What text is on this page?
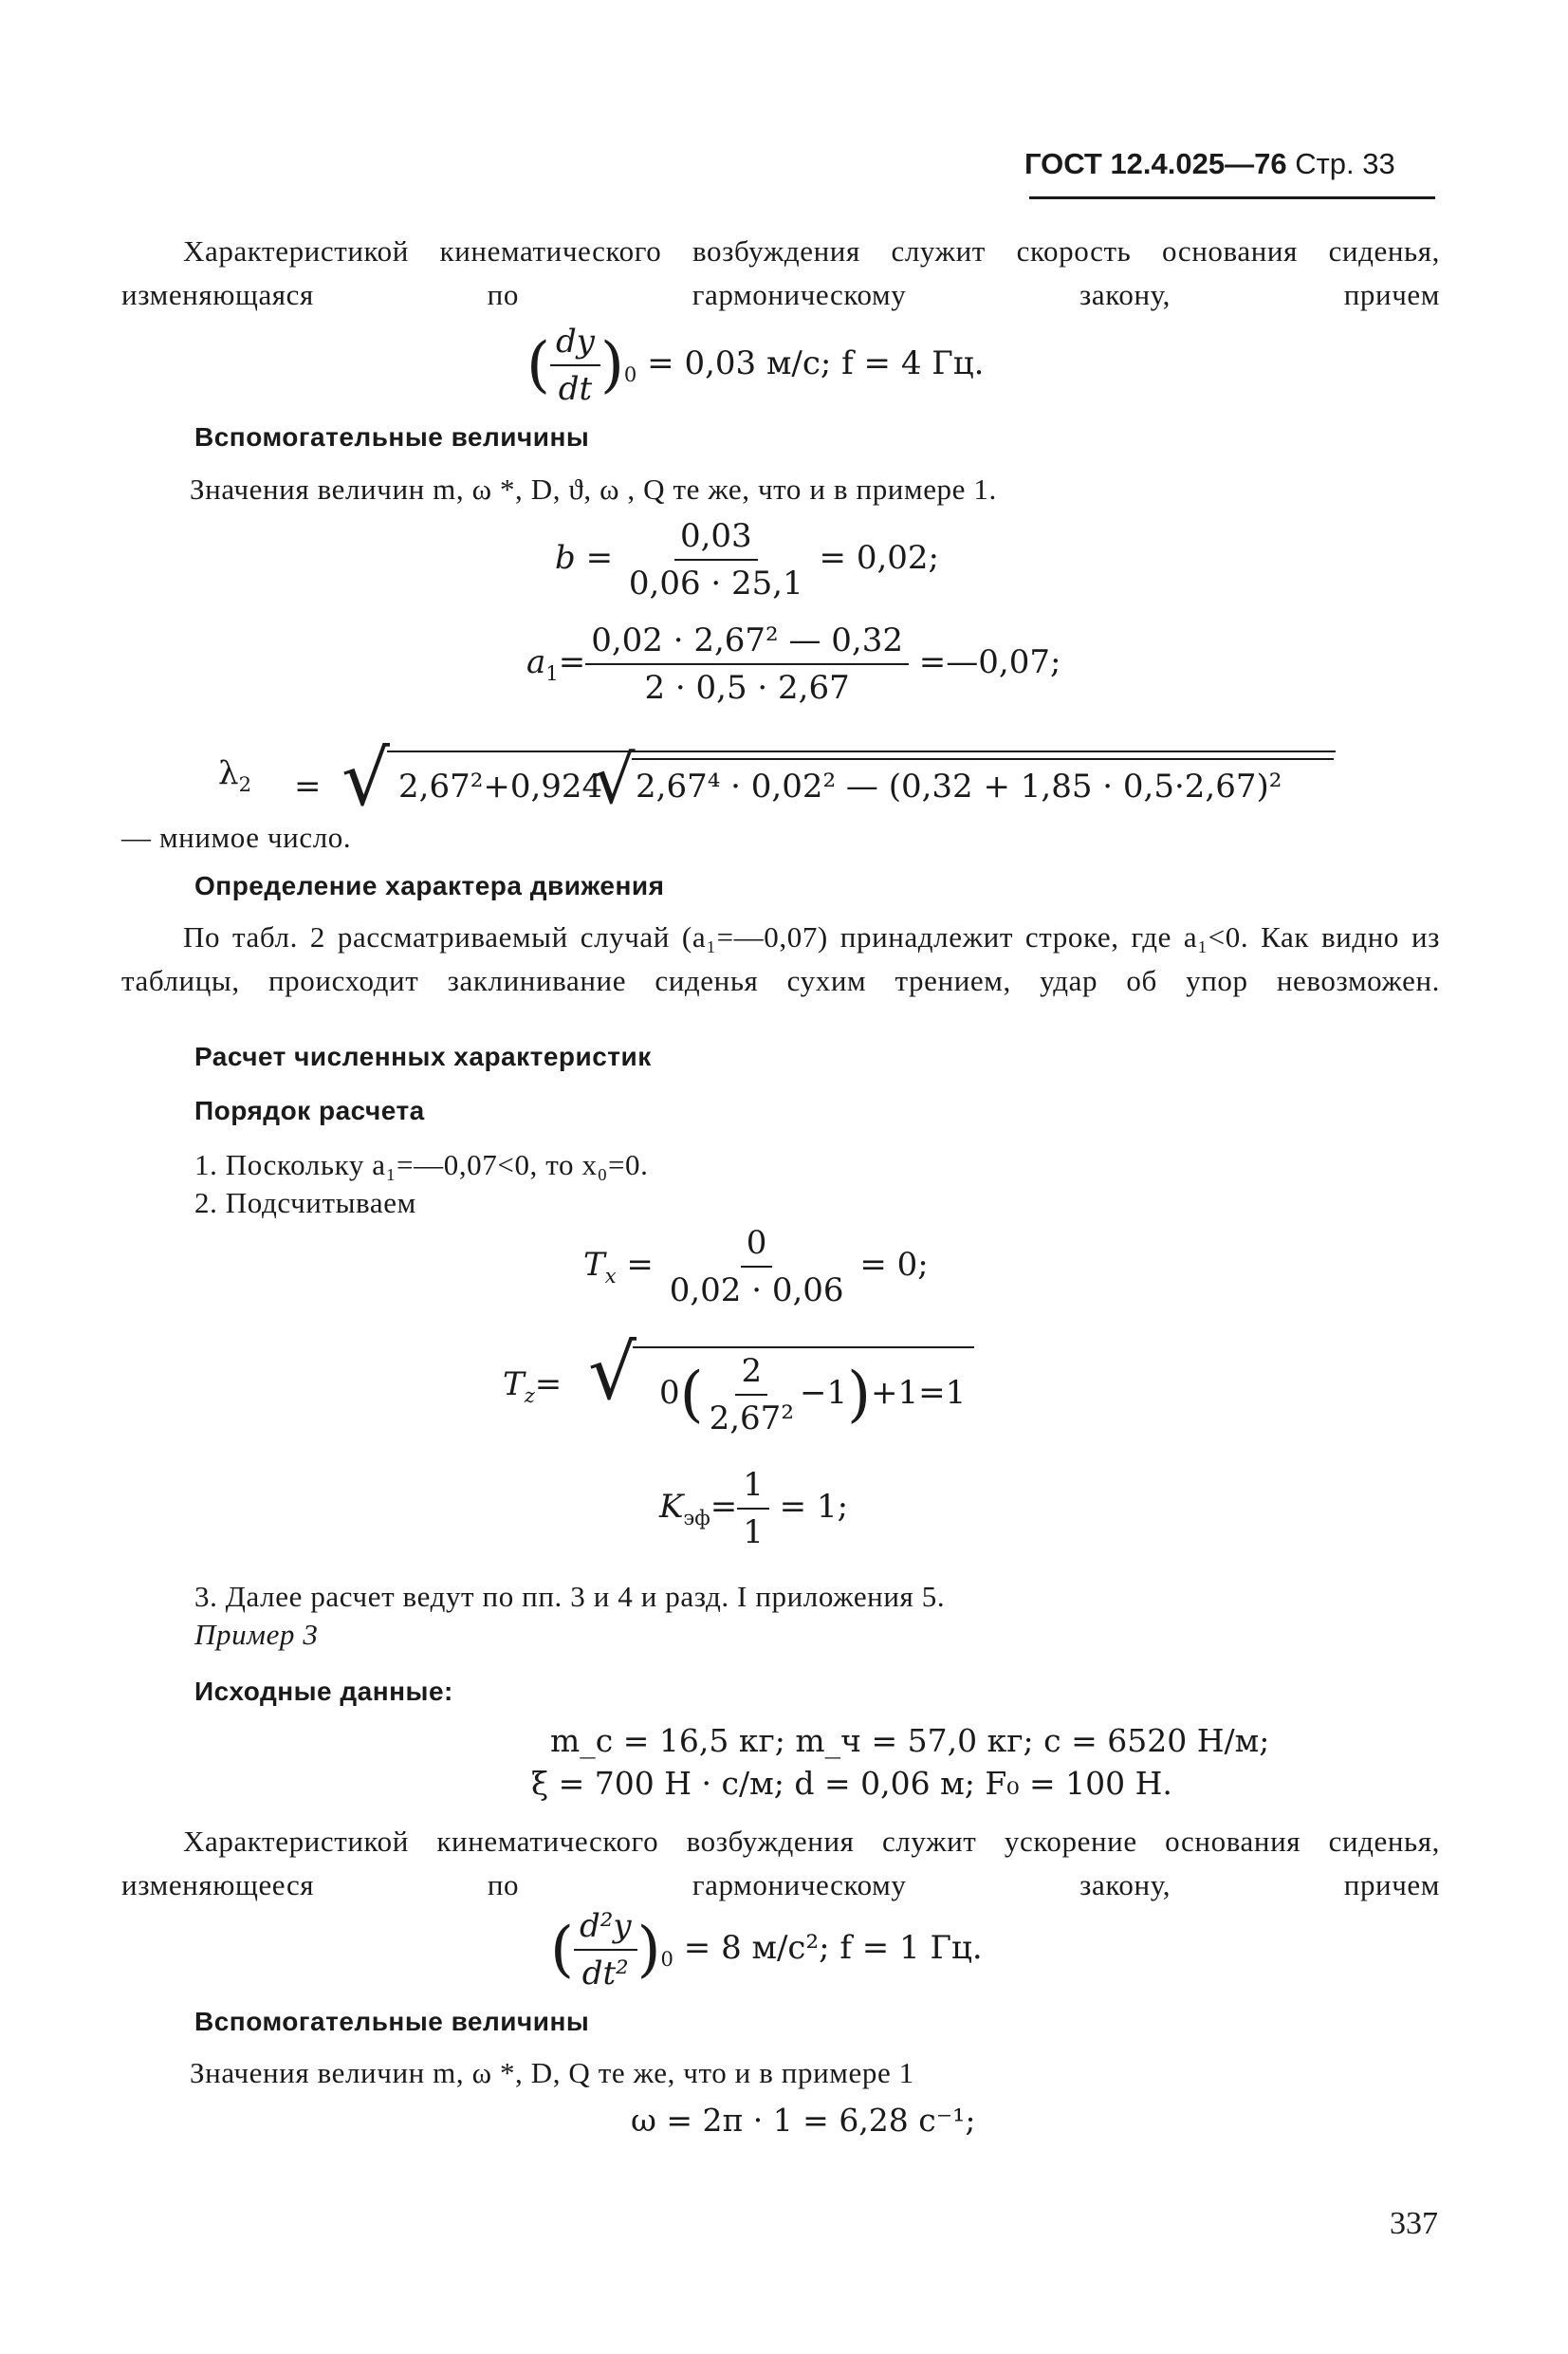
ГОСТ 12.4.025—76 Стр. 33
Характеристикой кинематического возбуждения служит скорость основания сиденья, изменяющаяся по гармоническому закону, причем
( $\frac{dy}{dt} )_0 = 0,03$ м/с; f = 4 Гц.
Вспомогательные величины
Значения величин m, ω *, D, ϑ, ω , Q те же, что и в примере 1.
$b = \frac{0,03}{0,06 \cdot 25,1} = 0,02$;
$a_1= \frac{\text{0,02 · 2,67² — 0,32}}{2 \cdot 0,5 \cdot 2,67}$ =—0,07;
$\lambda_2$ = √ 2,67²+0,924
√ 2,67⁴ · 0,02² — (0,32 + 1,85 · 0,5·2,67)²
— мнимое число.
Определение характера движения
По табл. 2 рассматриваемый случай (a₁=—0,07) принадлежит строке, где a₁<0. Как видно из таблицы, происходит заклинивание сиденья сухим трением, удар об упор невозможен.
Расчет численных характеристик
Порядок расчета
1. Поскольку a₁=—0,07<0, то x₀=0.
2. Подсчитываем
$T_x = \frac{0}{0,02 \cdot 0,06} = 0$;
$T_z=$ √ $0( \frac{2}{\text{2,67²}} -1)+1=1$
$K_{эф}= \frac{1}{1} = 1$;
3. Далее расчет ведут по пп. 3 и 4 и разд. I приложения 5.
Пример 3
Исходные данные:
m_с = 16,5 кг; m_ч = 57,0 кг; c = 6520 Н/м;
ξ = 700 Н · с/м; d = 0,06 м; F₀ = 100 Н.
Характеристикой кинематического возбуждения служит ускорение основания сиденья, изменяющееся по гармоническому закону, причем
( $\frac{\text{d²y}}{\text{dt²}} )_0 = 8$ м/с²; f = 1 Гц.
Вспомогательные величины
Значения величин m, ω *, D, Q те же, что и в примере 1
ω = 2π · 1 = 6,28 с⁻¹;
337
